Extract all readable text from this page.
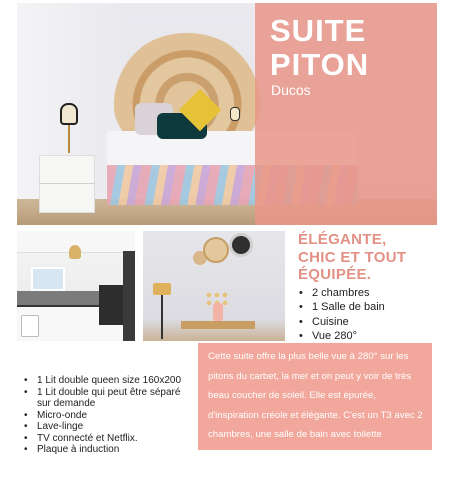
SUITE
PITON
Ducos
ÉLÉGANTE,
CHIC ET TOUT
ÉQUIPÉE.
• 2 chambres
• 1 Salle de bain
• Cuisine
• Vue 280°
• 1 Lit double queen size 160x200
• 1 Lit double qui peut être séparé sur demande
• Micro-onde
• Lave-linge
• TV connecté et Netflix.
• Plaque à induction

Cette suite offre la plus belle vue à 280° sur les pitons du carbet, la mer et on peut y voir de très beau coucher de soleil. Elle est épurée, d'inspiration créole et élégante. C'est un T3 avec 2 chambres, une salle de bain avec toilette indépendante, un salon spacieux, une cuisine tout équipée et un balcon composé d'un
